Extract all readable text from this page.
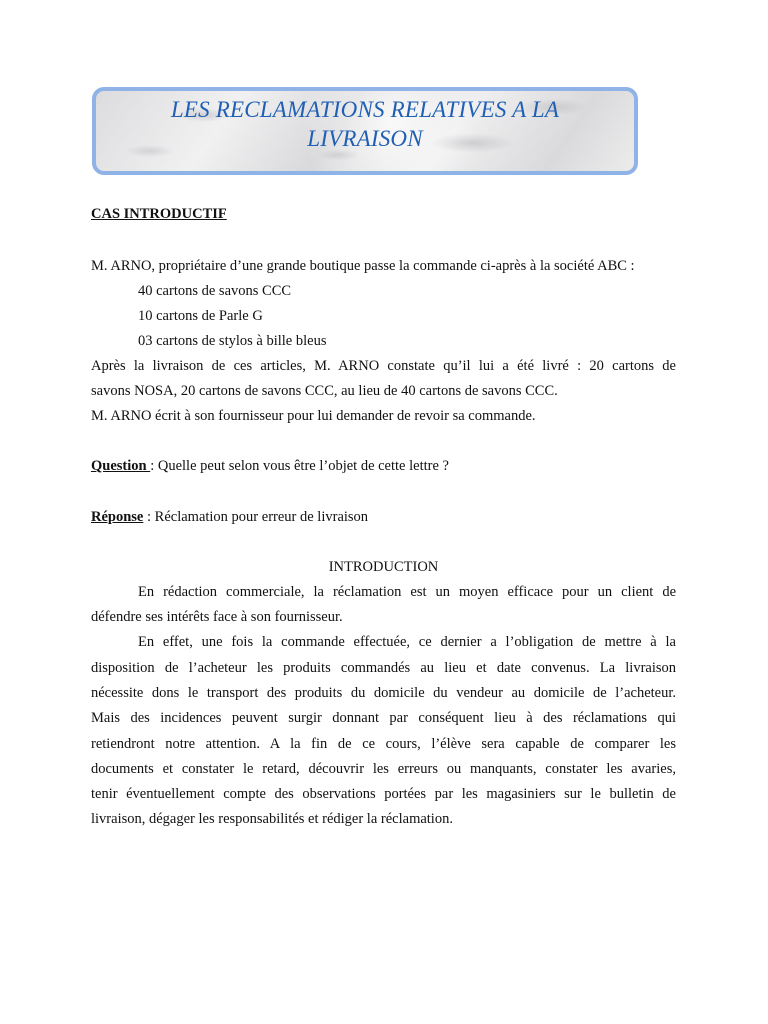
LES RECLAMATIONS RELATIVES A LA
LIVRAISON
CAS INTRODUCTIF
M. ARNO, propriétaire d’une grande boutique passe la commande ci-après à la société ABC :
40 cartons de savons CCC
10 cartons de Parle G
03 cartons de stylos à bille bleus
Après la livraison de ces articles, M. ARNO constate qu’il lui a été livré : 20 cartons de
savons NOSA, 20 cartons de savons CCC, au lieu de 40 cartons de savons CCC.
M. ARNO écrit à son fournisseur pour lui demander de revoir sa commande.
Question : Quelle peut selon vous être l’objet de cette lettre ?
Réponse : Réclamation pour erreur de livraison
INTRODUCTION
En rédaction commerciale, la réclamation est un moyen efficace pour un client de
défendre ses intérêts face à son fournisseur.
En effet, une fois la commande effectuée, ce dernier a l’obligation de mettre à la
disposition de l’acheteur les produits commandés au lieu et date convenus. La livraison
nécessite dons le transport des produits du domicile du vendeur au domicile de l’acheteur.
Mais des incidences peuvent surgir donnant par conséquent lieu à des réclamations qui
retiendront notre attention. A la fin de ce cours, l’élève sera capable de comparer les
documents et constater le retard, découvrir les erreurs ou manquants, constater les avaries,
tenir éventuellement compte des observations portées par les magasiniers sur le bulletin de
livraison, dégager les responsabilités et rédiger la réclamation.
